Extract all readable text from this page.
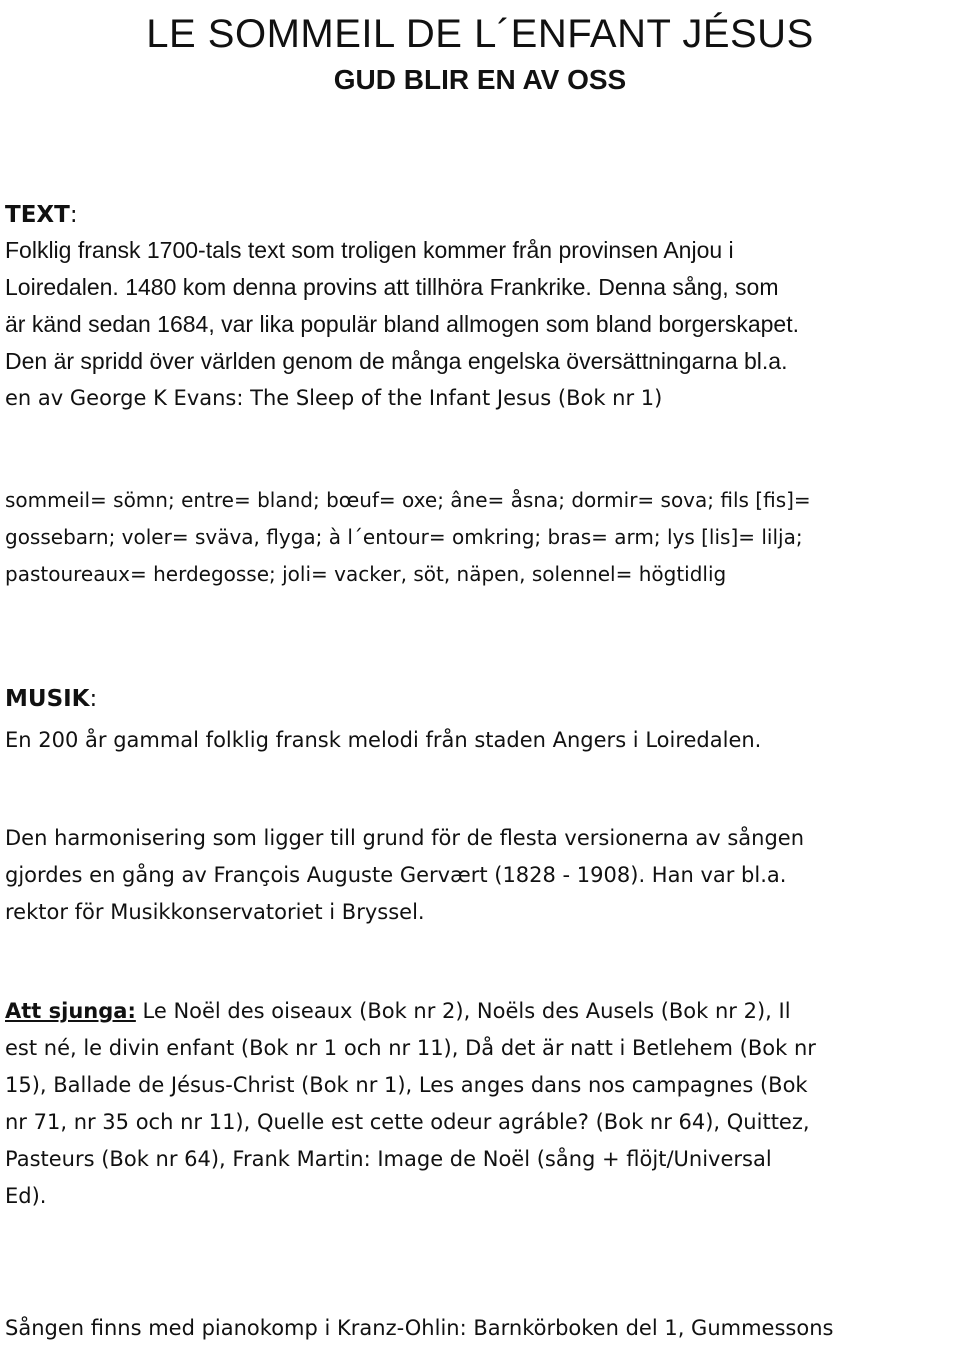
LE SOMMEIL DE L´ENFANT JÉSUS
GUD BLIR EN AV OSS
TEXT:
Folklig fransk 1700-tals text som troligen kommer från provinsen Anjou i
Loiredalen. 1480 kom denna provins att tillhöra Frankrike. Denna sång, som
är känd sedan 1684, var lika populär bland allmogen som bland borgerskapet.
Den är spridd över världen genom de många engelska översättningarna bl.a.
en av George K Evans: The Sleep of the Infant Jesus (Bok nr 1)
sommeil= sömn; entre= bland; bœuf= oxe; âne= åsna; dormir= sova; fils [fis]=
gossebarn; voler= sväva, flyga; à l´entour= omkring; bras= arm; lys [lis]= lilja;
pastoureaux= herdegosse; joli= vacker, söt, näpen, solennel= högtidlig
MUSIK:
En 200 år gammal folklig fransk melodi från staden Angers i Loiredalen.
Den harmonisering som ligger till grund för de flesta versionerna av sången
gjordes en gång av François Auguste Gervært (1828 - 1908). Han var bl.a.
rektor för Musikkonservatoriet i Bryssel.
Att sjunga: Le Noël des oiseaux (Bok nr 2), Noëls des Ausels (Bok nr 2), Il
est né, le divin enfant (Bok nr 1 och nr 11), Då det är natt i Betlehem (Bok nr
15), Ballade de Jésus-Christ (Bok nr 1), Les anges dans nos campagnes (Bok
nr 71, nr 35 och nr 11), Quelle est cette odeur agráble? (Bok nr 64), Quittez,
Pasteurs (Bok nr 64), Frank Martin: Image de Noël (sång + flöjt/Universal
Ed).
Sången finns med pianokomp i Kranz-Ohlin: Barnkörboken del 1, Gummessons
